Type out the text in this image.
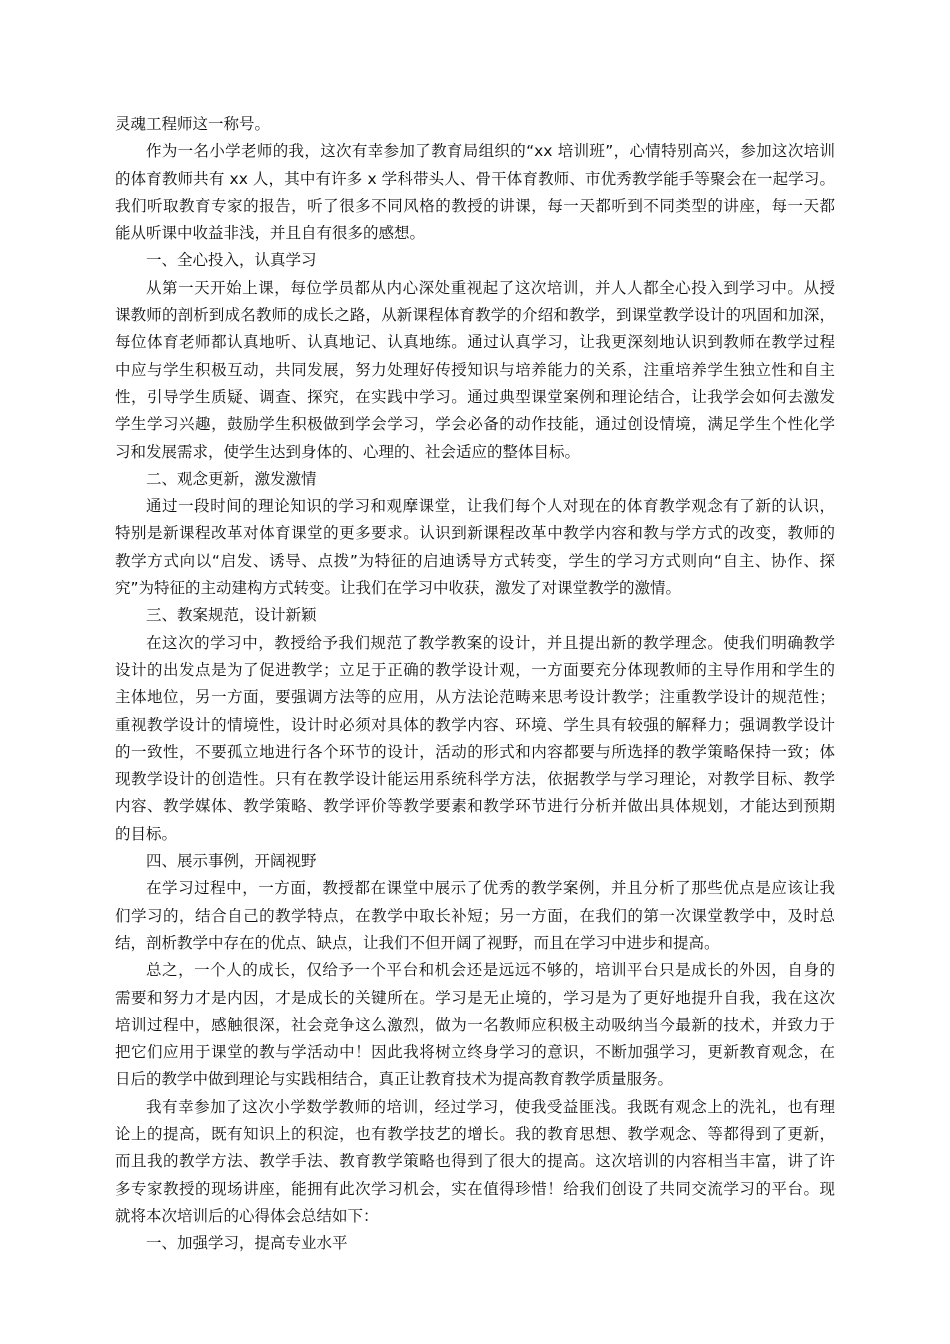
灵魂工程师这一称号。
作为一名小学老师的我，这次有幸参加了教育局组织的“xx 培训班”，心情特别高兴，参加这次培训
的体育教师共有 xx 人，其中有许多 x 学科带头人、骨干体育教师、市优秀教学能手等聚会在一起学习。
我们听取教育专家的报告，听了很多不同风格的教授的讲课，每一天都听到不同类型的讲座，每一天都
能从听课中收益非浅，并且自有很多的感想。
一、全心投入，认真学习
从第一天开始上课，每位学员都从内心深处重视起了这次培训，并人人都全心投入到学习中。从授
课教师的剖析到成名教师的成长之路，从新课程体育教学的介绍和教学，到课堂教学设计的巩固和加深，
每位体育老师都认真地听、认真地记、认真地练。通过认真学习，让我更深刻地认识到教师在教学过程
中应与学生积极互动，共同发展，努力处理好传授知识与培养能力的关系，注重培养学生独立性和自主
性，引导学生质疑、调查、探究，在实践中学习。通过典型课堂案例和理论结合，让我学会如何去激发
学生学习兴趣，鼓励学生积极做到学会学习，学会必备的动作技能，通过创设情境，满足学生个性化学
习和发展需求，使学生达到身体的、心理的、社会适应的整体目标。
二、观念更新，激发激情
通过一段时间的理论知识的学习和观摩课堂，让我们每个人对现在的体育教学观念有了新的认识，
特别是新课程改革对体育课堂的更多要求。认识到新课程改革中教学内容和教与学方式的改变，教师的
教学方式向以“启发、诱导、点拨”为特征的启迪诱导方式转变，学生的学习方式则向“自主、协作、探
究”为特征的主动建构方式转变。让我们在学习中收获，激发了对课堂教学的激情。
三、教案规范，设计新颖
在这次的学习中，教授给予我们规范了教学教案的设计，并且提出新的教学理念。使我们明确教学
设计的出发点是为了促进教学；立足于正确的教学设计观，一方面要充分体现教师的主导作用和学生的
主体地位，另一方面，要强调方法等的应用，从方法论范畴来思考设计教学；注重教学设计的规范性；
重视教学设计的情境性，设计时必须对具体的教学内容、环境、学生具有较强的解释力；强调教学设计
的一致性，不要孤立地进行各个环节的设计，活动的形式和内容都要与所选择的教学策略保持一致；体
现教学设计的创造性。只有在教学设计能运用系统科学方法，依据教学与学习理论，对教学目标、教学
内容、教学媒体、教学策略、教学评价等教学要素和教学环节进行分析并做出具体规划，才能达到预期
的目标。
四、展示事例，开阔视野
在学习过程中，一方面，教授都在课堂中展示了优秀的教学案例，并且分析了那些优点是应该让我
们学习的，结合自己的教学特点，在教学中取长补短；另一方面，在我们的第一次课堂教学中，及时总
结，剖析教学中存在的优点、缺点，让我们不但开阔了视野，而且在学习中进步和提高。
总之，一个人的成长，仅给予一个平台和机会还是远远不够的，培训平台只是成长的外因，自身的
需要和努力才是内因，才是成长的关键所在。学习是无止境的，学习是为了更好地提升自我，我在这次
培训过程中，感触很深，社会竞争这么激烈，做为一名教师应积极主动吸纳当今最新的技术，并致力于
把它们应用于课堂的教与学活动中！因此我将树立终身学习的意识，不断加强学习，更新教育观念，在
日后的教学中做到理论与实践相结合，真正让教育技术为提高教育教学质量服务。
我有幸参加了这次小学数学教师的培训，经过学习，使我受益匪浅。我既有观念上的洗礼，也有理
论上的提高，既有知识上的积淀，也有教学技艺的增长。我的教育思想、教学观念、等都得到了更新，
而且我的教学方法、教学手法、教育教学策略也得到了很大的提高。这次培训的内容相当丰富，讲了许
多专家教授的现场讲座，能拥有此次学习机会，实在值得珍惜！给我们创设了共同交流学习的平台。现
就将本次培训后的心得体会总结如下：
一、加强学习，提高专业水平
